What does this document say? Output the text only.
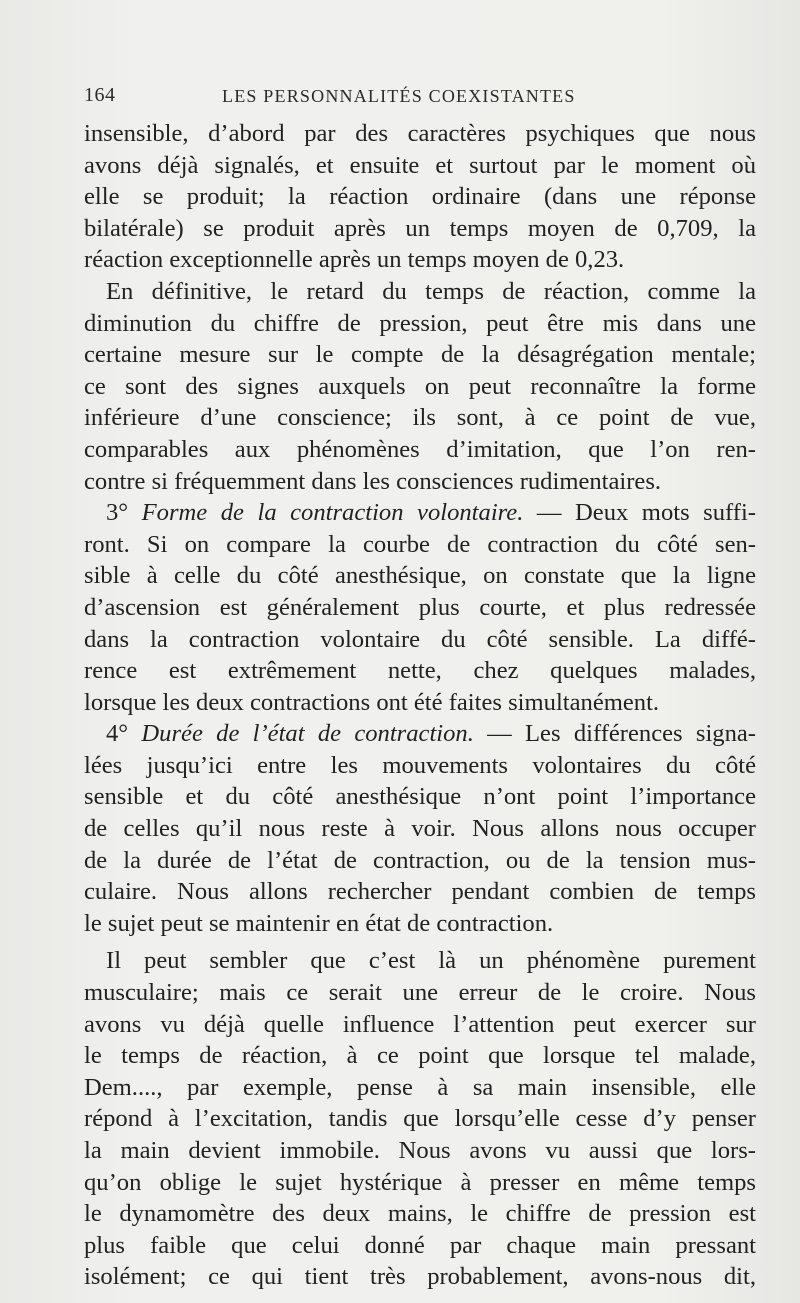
164	LES PERSONNALITÉS COEXISTANTES

insensible, d’abord par des caractères psychiques que nous

avons déjà signalés, et ensuite et surtout par le moment où

elle se produit; la réaction ordinaire (dans une réponse

bilatérale) se produit après un temps moyen de 0,709, la

réaction exceptionnelle après un temps moyen de 0,23.

En définitive, le retard du temps de réaction, comme la

diminution du chiffre de pression, peut être mis dans une

certaine mesure sur le compte de la désagrégation mentale;

ce sont des signes auxquels on peut reconnaître la forme

inférieure d’une conscience; ils sont, à ce point de vue,

comparables aux phénomènes d’imitation, que l’on ren-

contre si fréquemment dans les consciences rudimentaires.

3° Forme de la contraction volontaire. — Deux mots suffi-

ront. Si on compare la courbe de contraction du côté sen-

sible à celle du côté anesthésique, on constate que la ligne

d’ascension est généralement plus courte, et plus redressée

dans la contraction volontaire du côté sensible. La diffé-

rence est extrêmement nette, chez quelques malades,

lorsque les deux contractions ont été faites simultanément.

4° Durée de l’état de contraction. — Les différences signa-

lées jusqu’ici entre les mouvements volontaires du côté

sensible et du côté anesthésique n’ont point l’importance

de celles qu’il nous reste à voir. Nous allons nous occuper

de la durée de l’état de contraction, ou de la tension mus-

culaire. Nous allons rechercher pendant combien de temps

le sujet peut se maintenir en état de contraction.

Il peut sembler que c’est là un phénomène purement

musculaire; mais ce serait une erreur de le croire. Nous

avons vu déjà quelle influence l’attention peut exercer sur

le temps de réaction, à ce point que lorsque tel malade,

Dem...., par exemple, pense à sa main insensible, elle

répond à l’excitation, tandis que lorsqu’elle cesse d’y penser

la main devient immobile. Nous avons vu aussi que lors-

qu’on oblige le sujet hystérique à presser en même temps

le dynamomètre des deux mains, le chiffre de pression est

plus faible que celui donné par chaque main pressant

isolément; ce qui tient très probablement, avons-nous dit,
